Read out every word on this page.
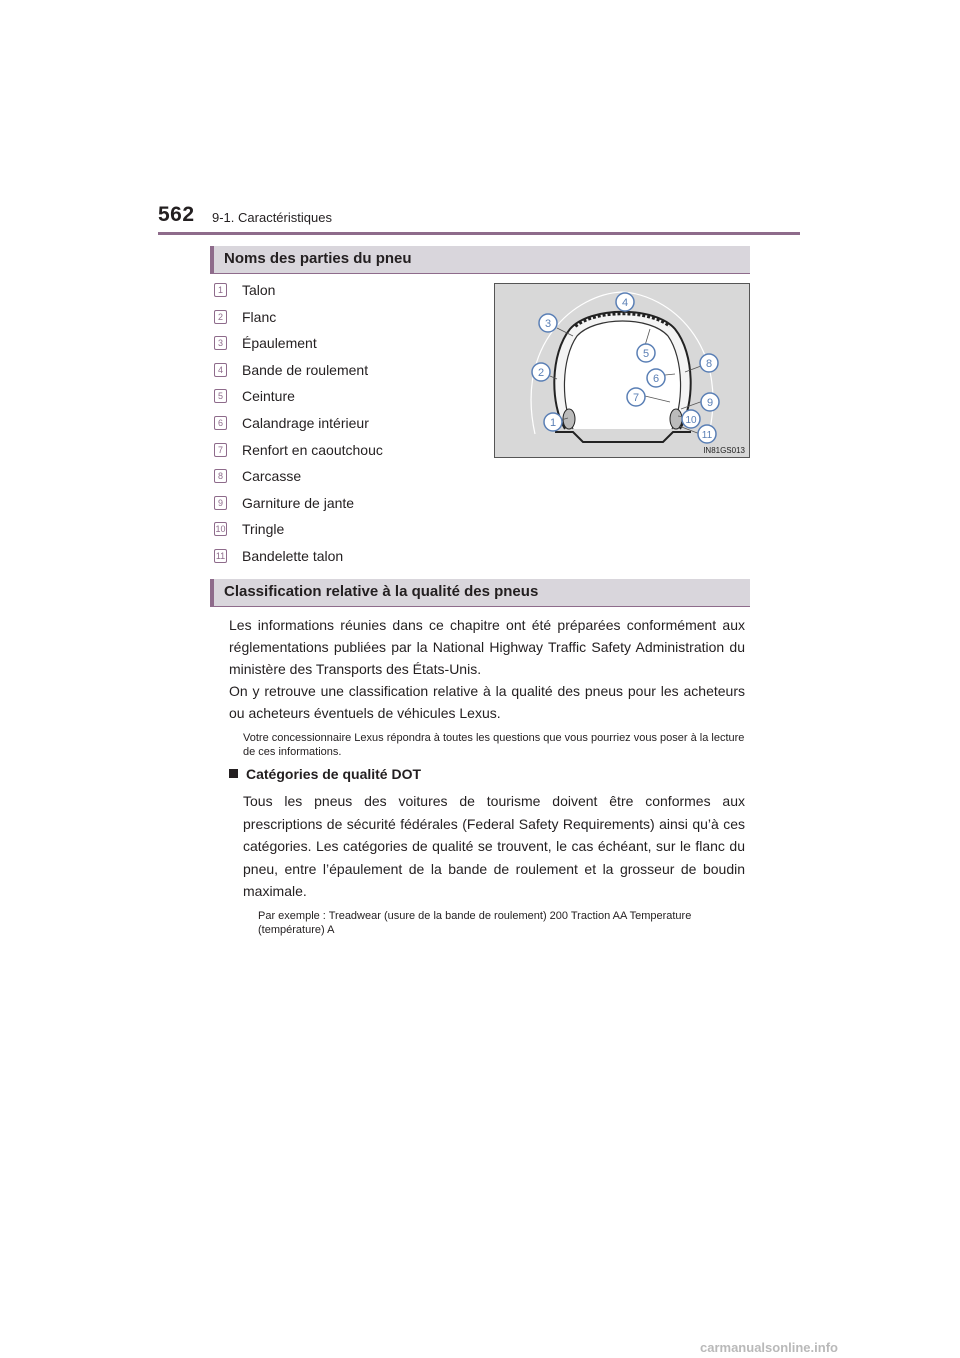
562 9-1. Caractéristiques
Noms des parties du pneu
1 Talon
2 Flanc
3 Épaulement
4 Bande de roulement
5 Ceinture
6 Calandrage intérieur
7 Renfort en caoutchouc
8 Carcasse
9 Garniture de jante
10 Tringle
11 Bandelette talon
1
2
3
4
5
6
7
8
9
10
11
IN81GS013
Classification relative à la qualité des pneus

Les informations réunies dans ce chapitre ont été préparées conformément aux réglementations publiées par la National Highway Traffic Safety Administration du ministère des Transports des États-Unis.

On y retrouve une classification relative à la qualité des pneus pour les acheteurs ou acheteurs éventuels de véhicules Lexus.

Votre concessionnaire Lexus répondra à toutes les questions que vous pourriez vous poser à la lecture de ces informations.

Catégories de qualité DOT

Tous les pneus des voitures de tourisme doivent être conformes aux prescriptions de sécurité fédérales (Federal Safety Requirements) ainsi qu’à ces catégories. Les catégories de qualité se trouvent, le cas échéant, sur le flanc du pneu, entre l’épaulement de la bande de roulement et la grosseur de boudin maximale.

Par exemple : Treadwear (usure de la bande de roulement) 200 Traction AA Temperature (température) A

carmanualsonline.info
